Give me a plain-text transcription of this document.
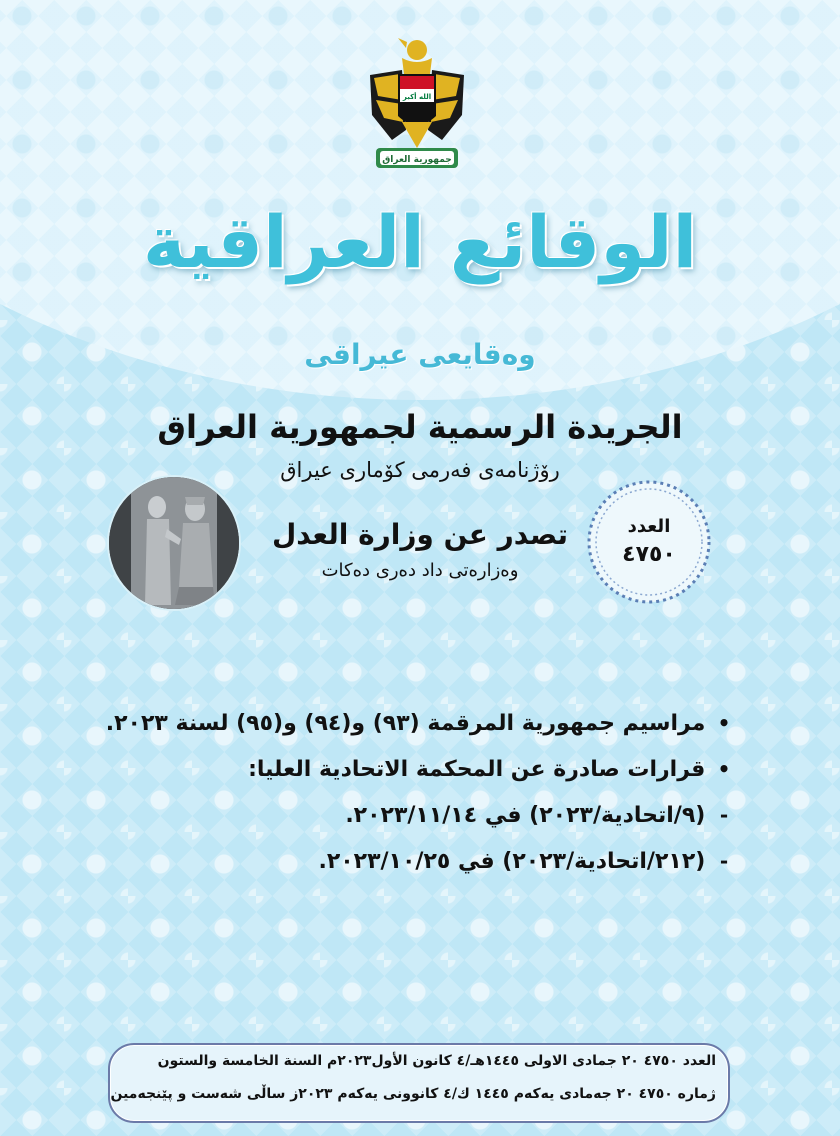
الله أكبر
جمهورية العراق
الوقائع العراقية
وەقايعی عيراقی
الجريدة الرسمية لجمهورية العراق
رۆژنامەی فەرمی كۆماری عيراق
تصدر عن وزارة العدل
وەزارەتی داد دەری دەكات
العدد
٤٧٥٠
• مراسيم جمهورية المرقمة (٩٣) و(٩٤) و(٩٥) لسنة ٢٠٢٣.
• قرارات صادرة عن المحكمة الاتحادية العليا:
- (٩/اتحادية/٢٠٢٣) في ٢٠٢٣/١١/١٤.
- (٢١٢/اتحادية/٢٠٢٣) في ٢٠٢٣/١٠/٢٥.
العدد ٤٧٥٠ ٢٠ جمادى الاولى ١٤٤٥هـ/٤ كانون الأول٢٠٢٣م السنة الخامسة والستون
ژمارە ٤٧٥٠ ٢٠ جەمادى يەكەم ١٤٤٥ ك/٤ كانوونی يەكەم ٢٠٢٣ز ساڵی شەست و پێنجەمین
